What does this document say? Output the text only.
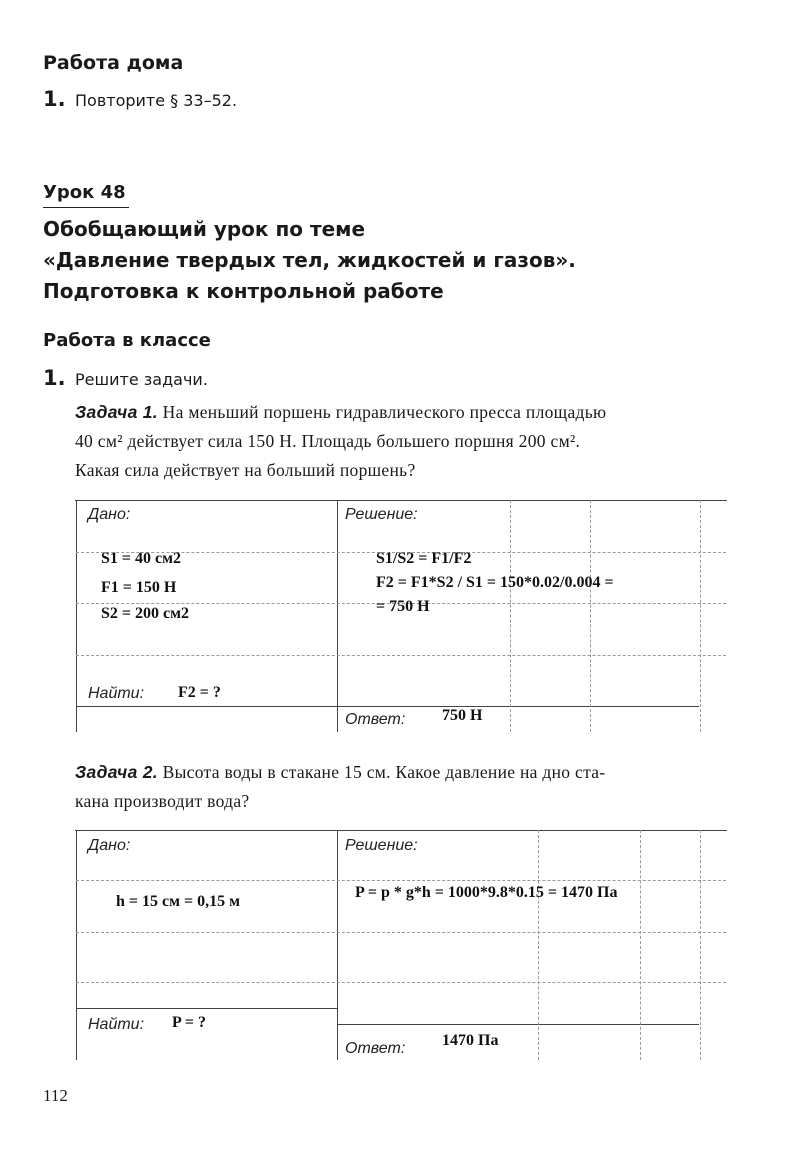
Работа дома
1. Повторите § 33–52.
Урок 48
Обобщающий урок по теме
«Давление твердых тел, жидкостей и газов».
Подготовка к контрольной работе
Работа в классе
1. Решите задачи.
Задача 1. На меньший поршень гидравлического пресса площадью
40 см² действует сила 150 Н. Площадь большего поршня 200 см².
Какая сила действует на больший поршень?
Дано:	Решение:
S1 = 40 см2
F1 = 150 Н
S2 = 200 см2
S1/S2 = F1/F2
F2 = F1*S2 / S1 = 150*0.02/0.004 =
= 750 Н
Найти: F2 = ?
Ответ: 750 Н
Задача 2. Высота воды в стакане 15 см. Какое давление на дно ста-
кана производит вода?
Дано:	Решение:
h = 15 см = 0,15 м
P = p * g*h = 1000*9.8*0.15 = 1470 Па
Найти: P = ?
Ответ: 1470 Па
112
